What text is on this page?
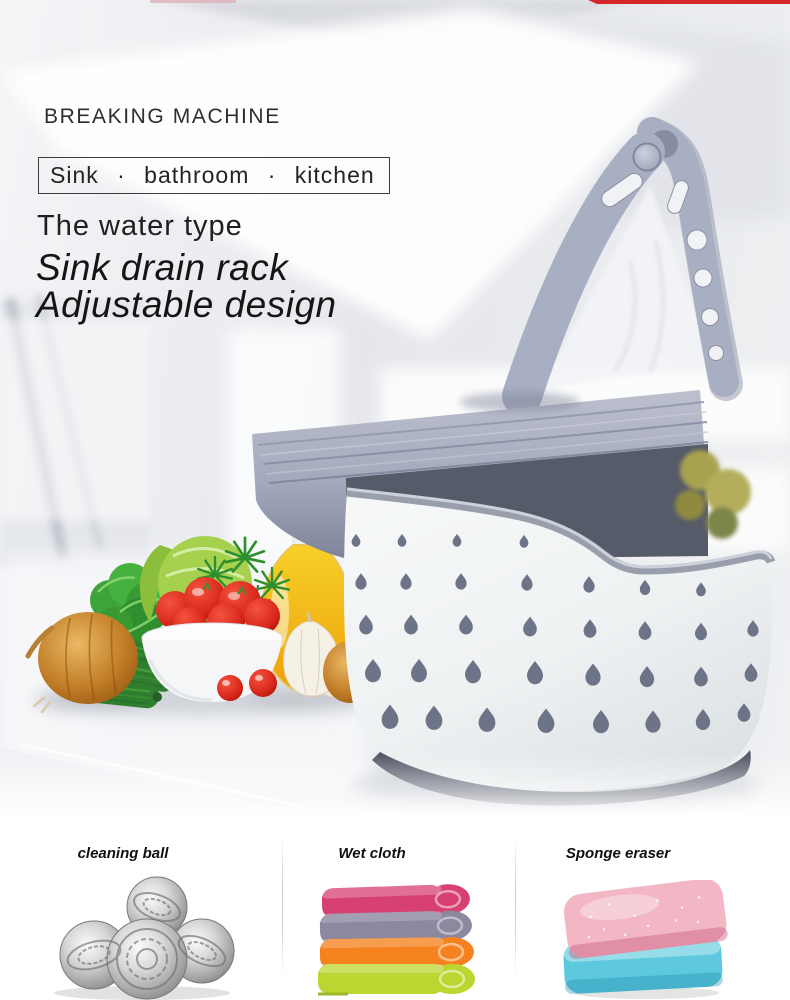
BREAKING MACHINE
Sink · bathroom · kitchen
The water type
Sink drain rack
Adjustable design
cleaning ball	Wet cloth	Sponge eraser
